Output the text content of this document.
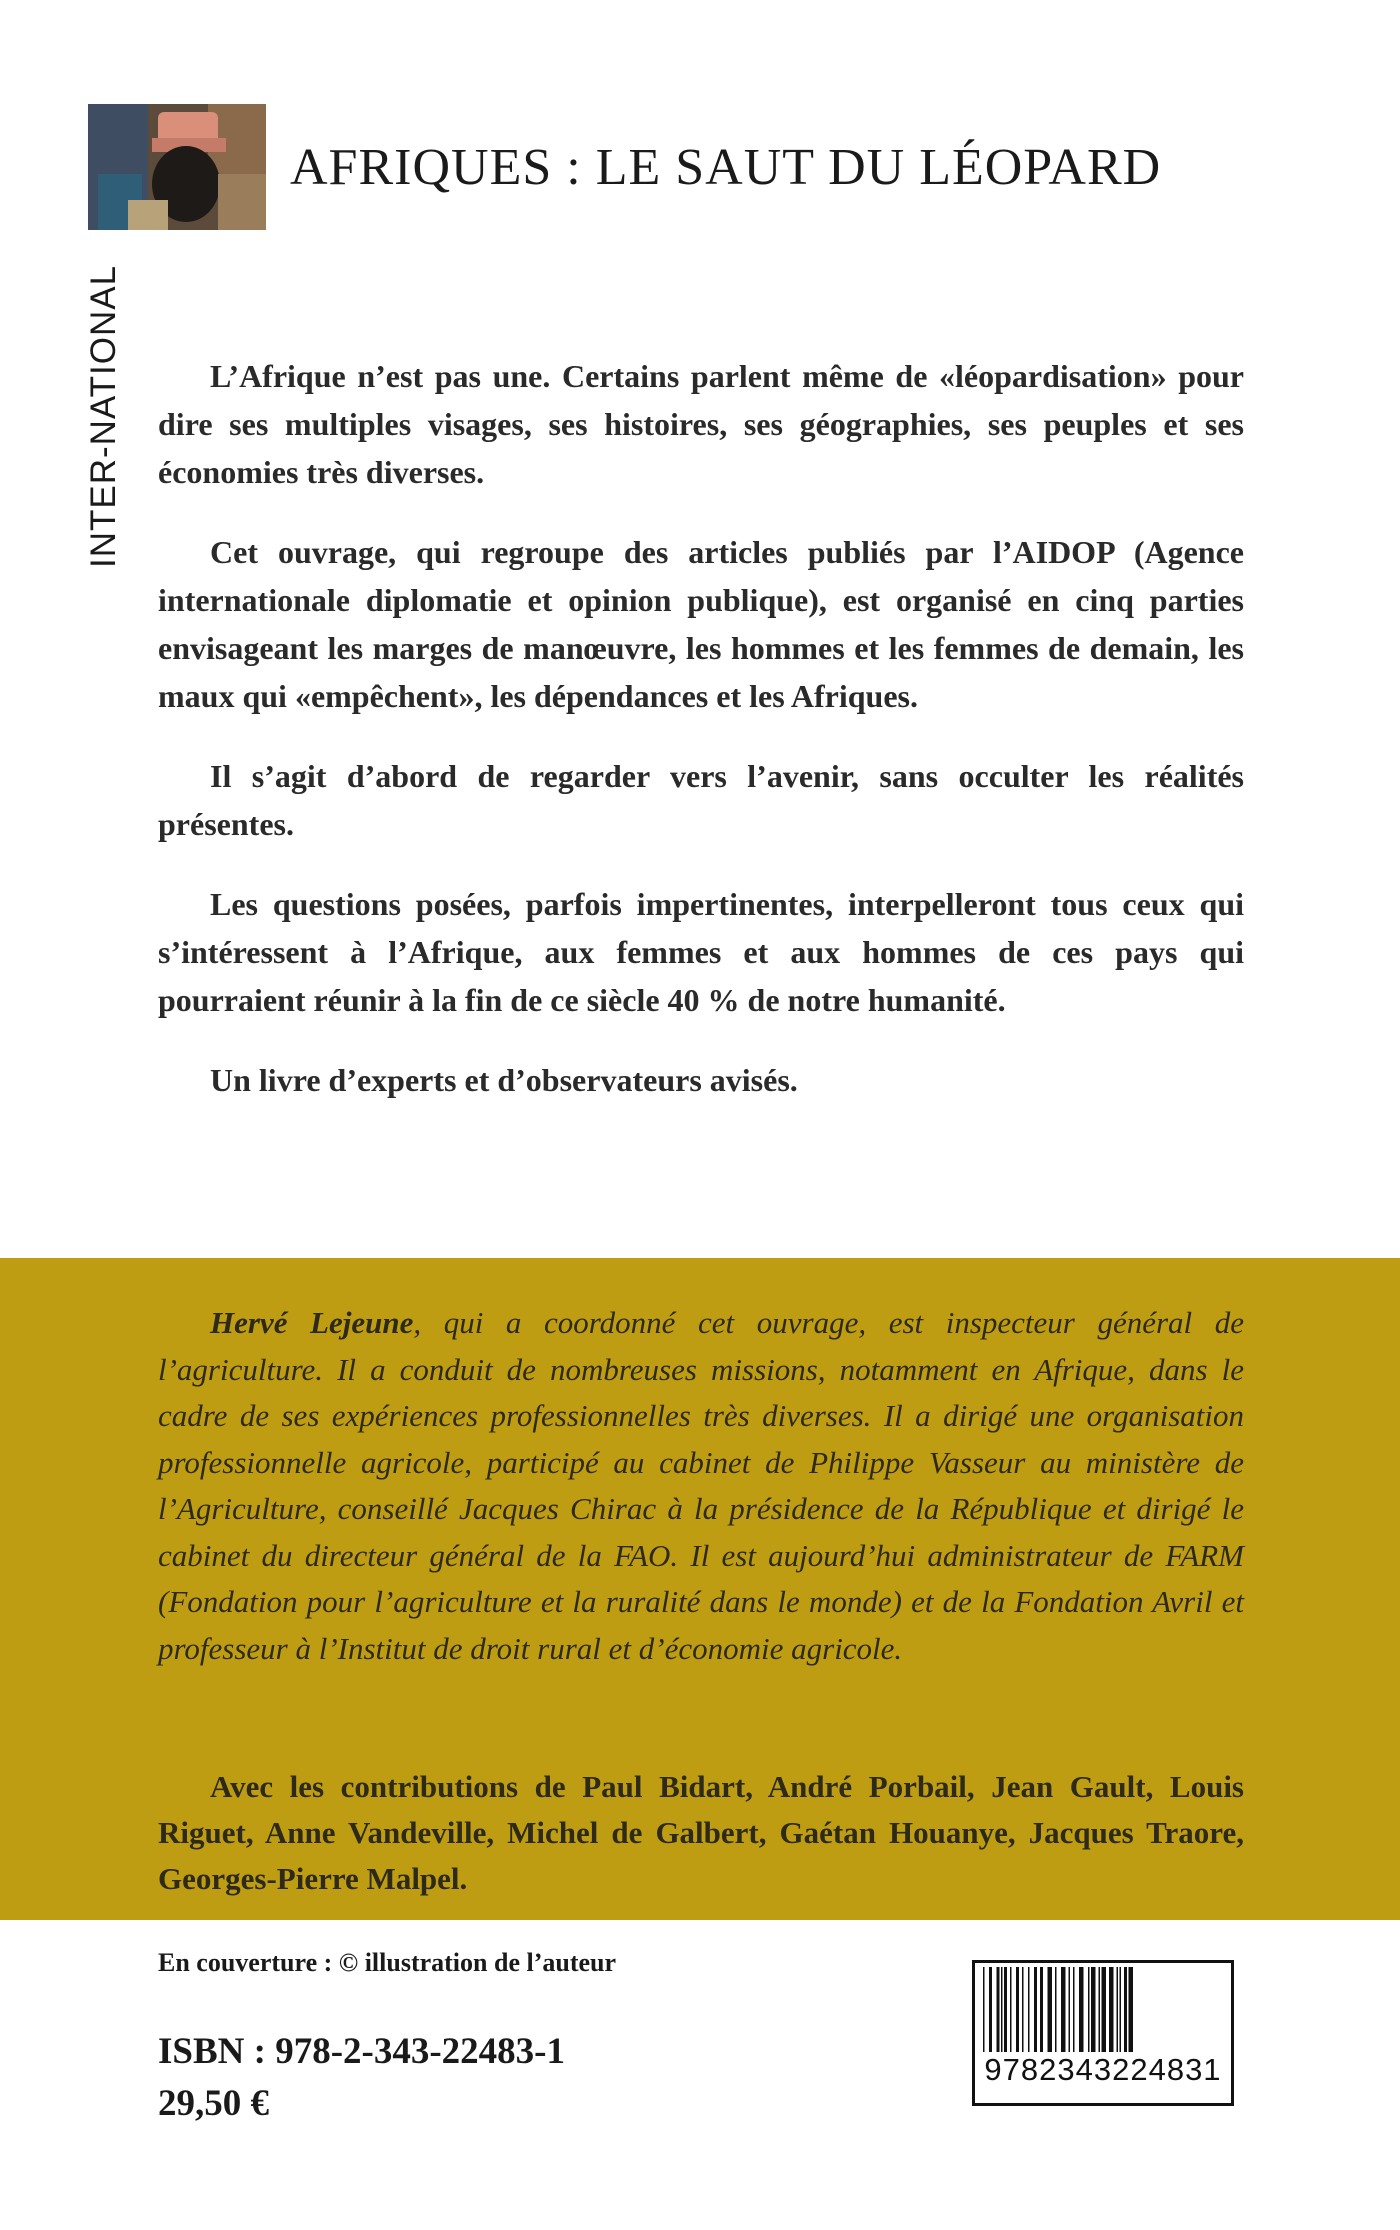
INTER-NATIONAL
AFRIQUES : LE SAUT DU LÉOPARD

L’Afrique n’est pas une. Certains parlent même de «léopardisation» pour dire ses multiples visages, ses histoires, ses géographies, ses peuples et ses économies très diverses.

Cet ouvrage, qui regroupe des articles publiés par l’AIDOP (Agence internationale diplomatie et opinion publique), est organisé en cinq parties envisageant les marges de manœuvre, les hommes et les femmes de demain, les maux qui «empêchent», les dépendances et les Afriques.

Il s’agit d’abord de regarder vers l’avenir, sans occulter les réalités présentes.

Les questions posées, parfois impertinentes, interpelleront tous ceux qui s’intéressent à l’Afrique, aux femmes et aux hommes de ces pays qui pourraient réunir à la fin de ce siècle 40 % de notre humanité.

Un livre d’experts et d’observateurs avisés.

Hervé Lejeune, qui a coordonné cet ouvrage, est inspecteur général de l’agriculture. Il a conduit de nombreuses missions, notamment en Afrique, dans le cadre de ses expériences professionnelles très diverses. Il a dirigé une organisation professionnelle agricole, participé au cabinet de Philippe Vasseur au ministère de l’Agriculture, conseillé Jacques Chirac à la présidence de la République et dirigé le cabinet du directeur général de la FAO. Il est aujourd’hui administrateur de FARM (Fondation pour l’agriculture et la ruralité dans le monde) et de la Fondation Avril et professeur à l’Institut de droit rural et d’économie agricole.

Avec les contributions de Paul Bidart, André Porbail, Jean Gault, Louis Riguet, Anne Vandeville, Michel de Galbert, Gaétan Houanye, Jacques Traore, Georges-Pierre Malpel.

En couverture : © illustration de l’auteur

ISBN : 978-2-343-22483-1

29,50 €

9782343224831
